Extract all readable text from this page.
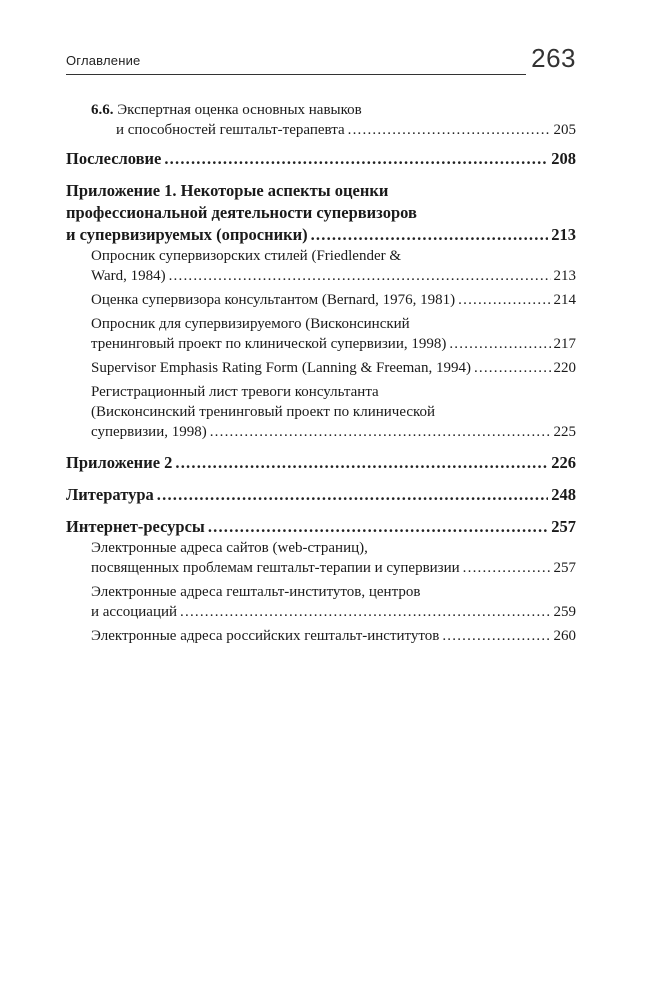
Оглавление	263
6.6. Экспертная оценка основных навыков
и способностей гештальт-терапевта .....	205
Послесловие .....	208
Приложение 1. Некоторые аспекты оценки
профессиональной деятельности супервизоров
и супервизируемых (опросники) .....	213
Опросник супервизорских стилей (Friedlender &
Ward, 1984) .....	213
Оценка супервизора консультантом (Bernard, 1976, 1981) .....	214
Опросник для супервизируемого (Висконсинский
тренинговый проект по клинической супервизии, 1998) .....	217
Supervisor Emphasis Rating Form (Lanning & Freeman, 1994) .....	220
Регистрационный лист тревоги консультанта
(Висконсинский тренинговый проект по клинической
супервизии, 1998) .....	225
Приложение 2 .....	226
Литература .....	248
Интернет-ресурсы .....	257
Электронные адреса сайтов (web-страниц),
посвященных проблемам гештальт-терапии и супервизии .....	257
Электронные адреса гештальт-институтов, центров
и ассоциаций .....	259
Электронные адреса российских гештальт-институтов .....	260
